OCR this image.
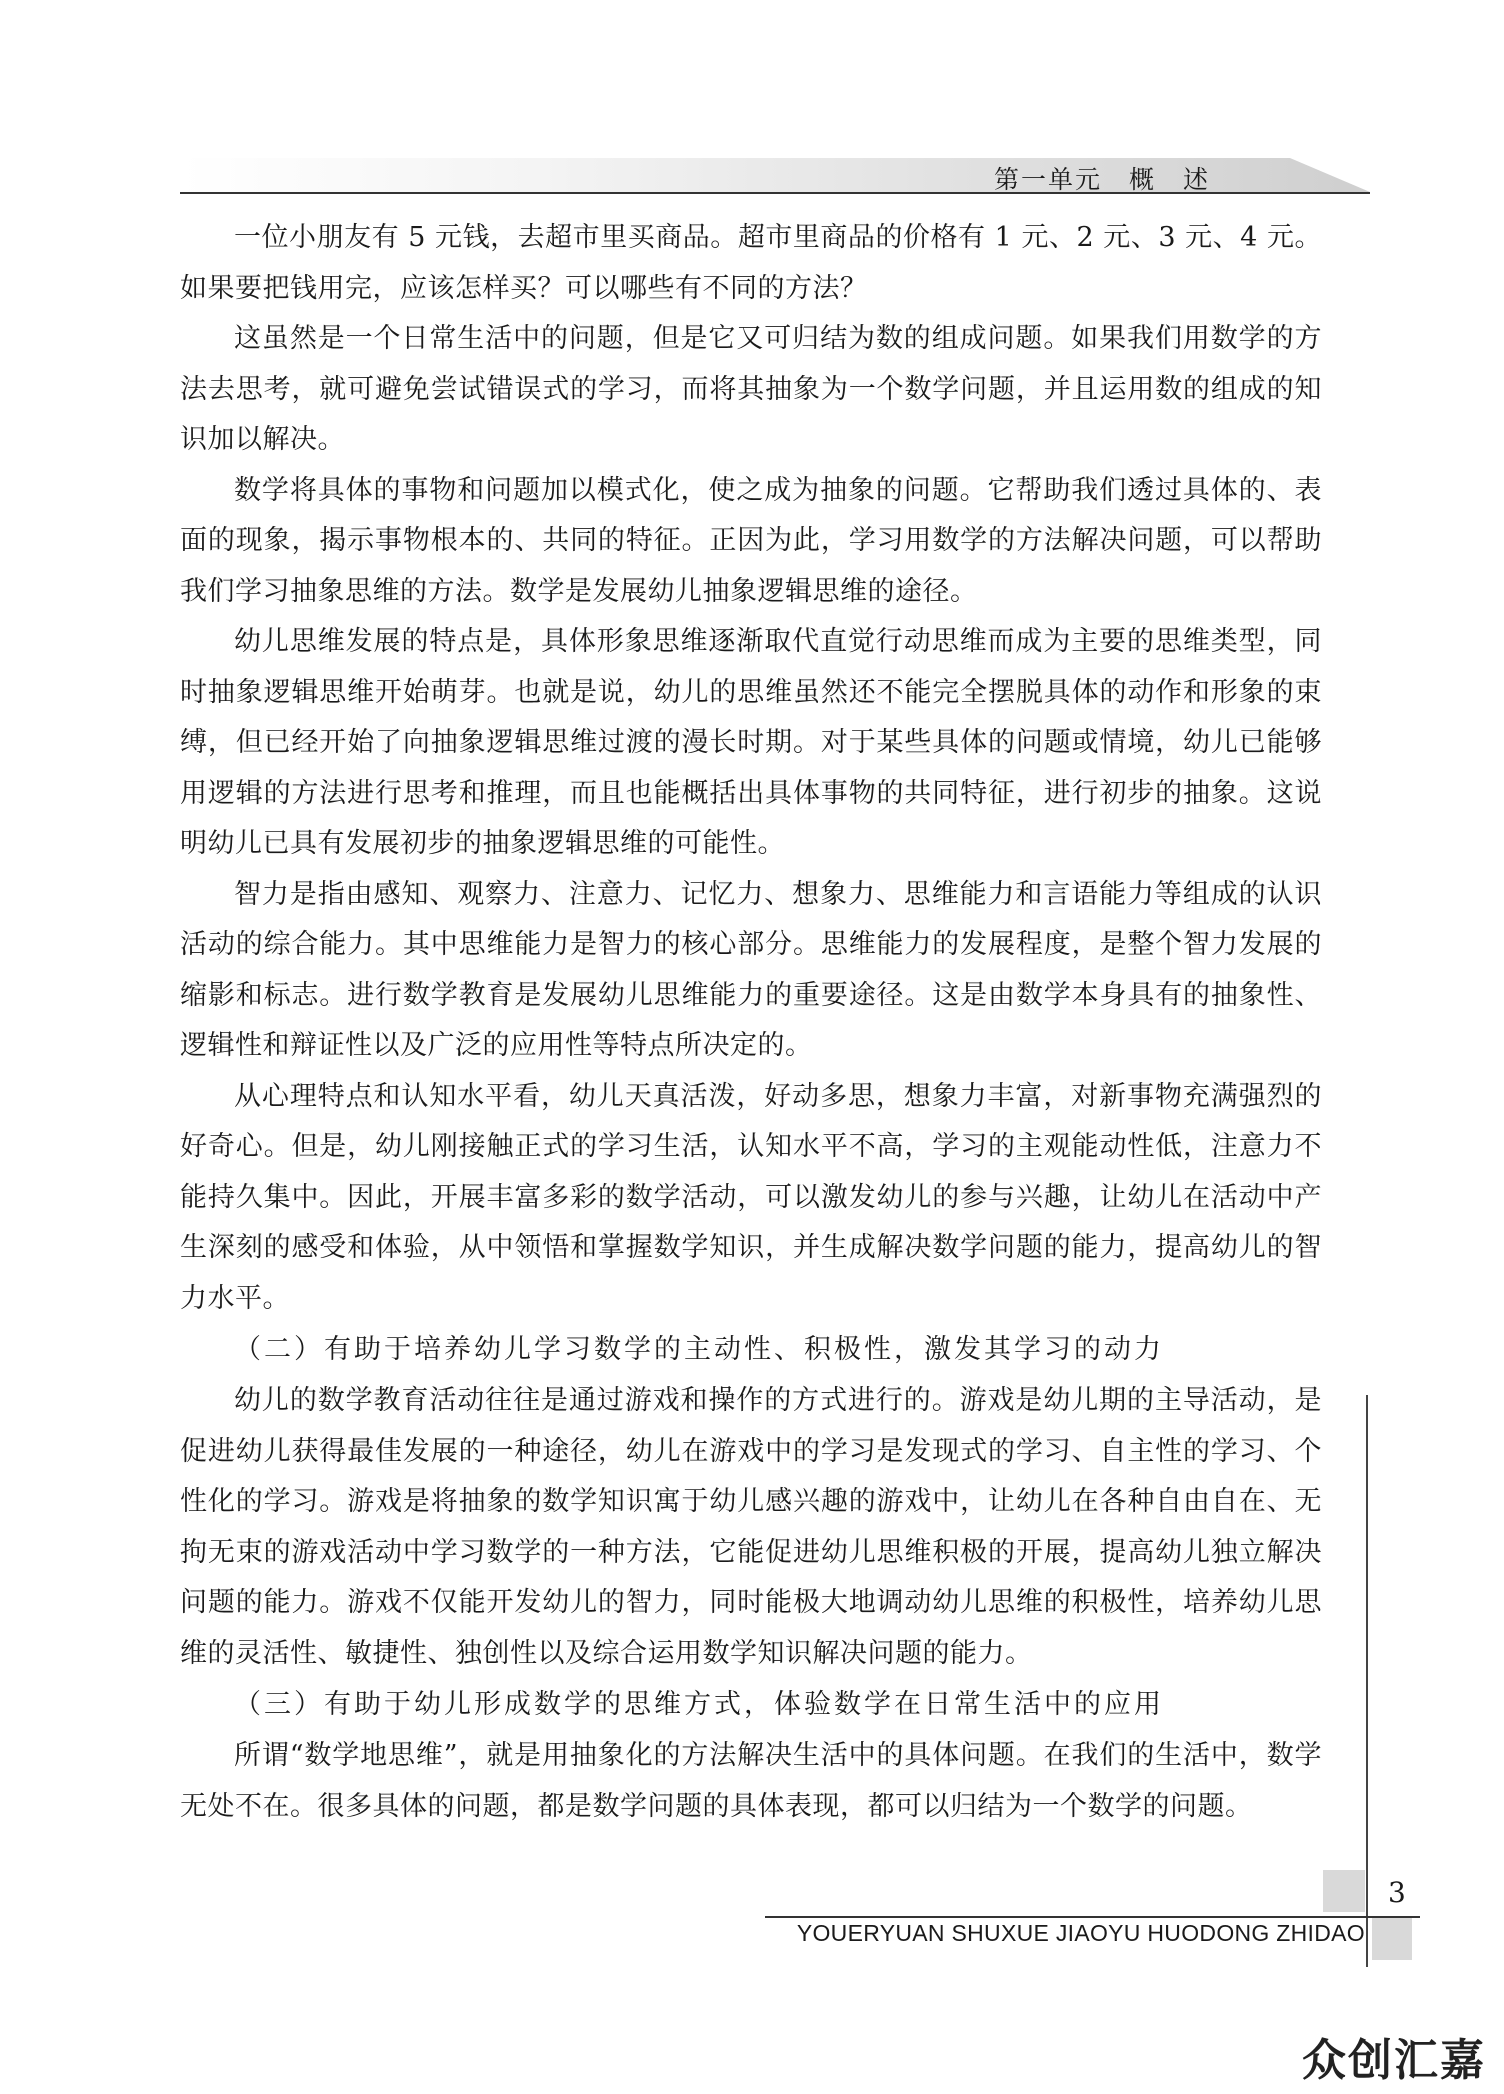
第一单元　概　述

一位小朋友有 5 元钱，去超市里买商品。超市里商品的价格有 1 元、2 元、3 元、4 元。如果要把钱用完，应该怎样买？可以哪些有不同的方法？

这虽然是一个日常生活中的问题，但是它又可归结为数的组成问题。如果我们用数学的方法去思考，就可避免尝试错误式的学习，而将其抽象为一个数学问题，并且运用数的组成的知识加以解决。

数学将具体的事物和问题加以模式化，使之成为抽象的问题。它帮助我们透过具体的、表面的现象，揭示事物根本的、共同的特征。正因为此，学习用数学的方法解决问题，可以帮助我们学习抽象思维的方法。数学是发展幼儿抽象逻辑思维的途径。

幼儿思维发展的特点是，具体形象思维逐渐取代直觉行动思维而成为主要的思维类型，同时抽象逻辑思维开始萌芽。也就是说，幼儿的思维虽然还不能完全摆脱具体的动作和形象的束缚，但已经开始了向抽象逻辑思维过渡的漫长时期。对于某些具体的问题或情境，幼儿已能够用逻辑的方法进行思考和推理，而且也能概括出具体事物的共同特征，进行初步的抽象。这说明幼儿已具有发展初步的抽象逻辑思维的可能性。

智力是指由感知、观察力、注意力、记忆力、想象力、思维能力和言语能力等组成的认识活动的综合能力。其中思维能力是智力的核心部分。思维能力的发展程度，是整个智力发展的缩影和标志。进行数学教育是发展幼儿思维能力的重要途径。这是由数学本身具有的抽象性、逻辑性和辩证性以及广泛的应用性等特点所决定的。

从心理特点和认知水平看，幼儿天真活泼，好动多思，想象力丰富，对新事物充满强烈的好奇心。但是，幼儿刚接触正式的学习生活，认知水平不高，学习的主观能动性低，注意力不能持久集中。因此，开展丰富多彩的数学活动，可以激发幼儿的参与兴趣，让幼儿在活动中产生深刻的感受和体验，从中领悟和掌握数学知识，并生成解决数学问题的能力，提高幼儿的智力水平。

（二）有助于培养幼儿学习数学的主动性、积极性，激发其学习的动力

幼儿的数学教育活动往往是通过游戏和操作的方式进行的。游戏是幼儿期的主导活动，是促进幼儿获得最佳发展的一种途径，幼儿在游戏中的学习是发现式的学习、自主性的学习、个性化的学习。游戏是将抽象的数学知识寓于幼儿感兴趣的游戏中，让幼儿在各种自由自在、无拘无束的游戏活动中学习数学的一种方法，它能促进幼儿思维积极的开展，提高幼儿独立解决问题的能力。游戏不仅能开发幼儿的智力，同时能极大地调动幼儿思维的积极性，培养幼儿思维的灵活性、敏捷性、独创性以及综合运用数学知识解决问题的能力。

（三）有助于幼儿形成数学的思维方式，体验数学在日常生活中的应用

所谓“数学地思维”，就是用抽象化的方法解决生活中的具体问题。在我们的生活中，数学无处不在。很多具体的问题，都是数学问题的具体表现，都可以归结为一个数学的问题。

3
YOUERYUAN SHUXUE JIAOYU HUODONG ZHIDAO
众创汇嘉
